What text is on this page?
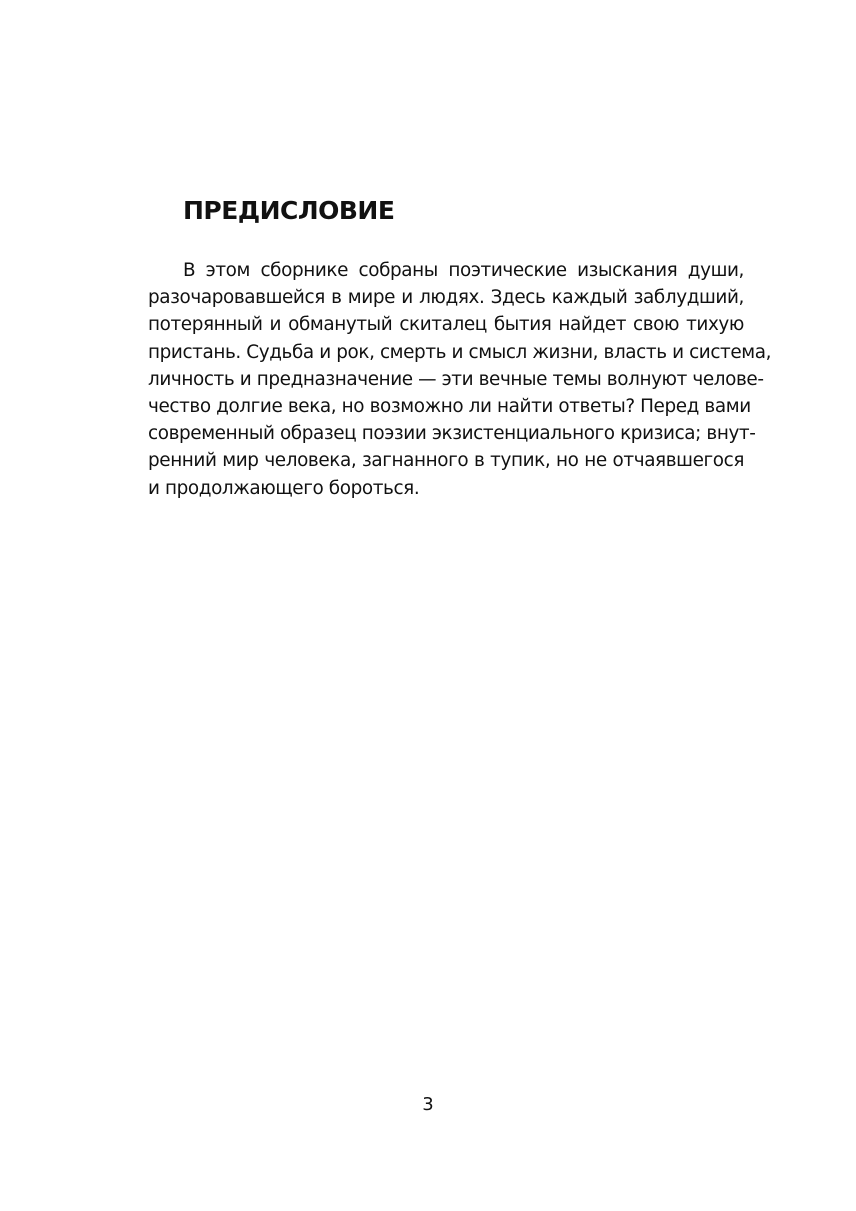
ПРЕДИСЛОВИЕ
В этом сборнике собраны поэтические изыскания души,
разочаровавшейся в мире и людях. Здесь каждый заблудший,
потерянный и обманутый скиталец бытия найдет свою тихую
пристань. Судьба и рок, смерть и смысл жизни, власть и система,
личность и предназначение — эти вечные темы волнуют челове-
чество долгие века, но возможно ли найти ответы? Перед вами
современный образец поэзии экзистенциального кризиса; внут-
ренний мир человека, загнанного в тупик, но не отчаявшегося
и продолжающего бороться.
3
